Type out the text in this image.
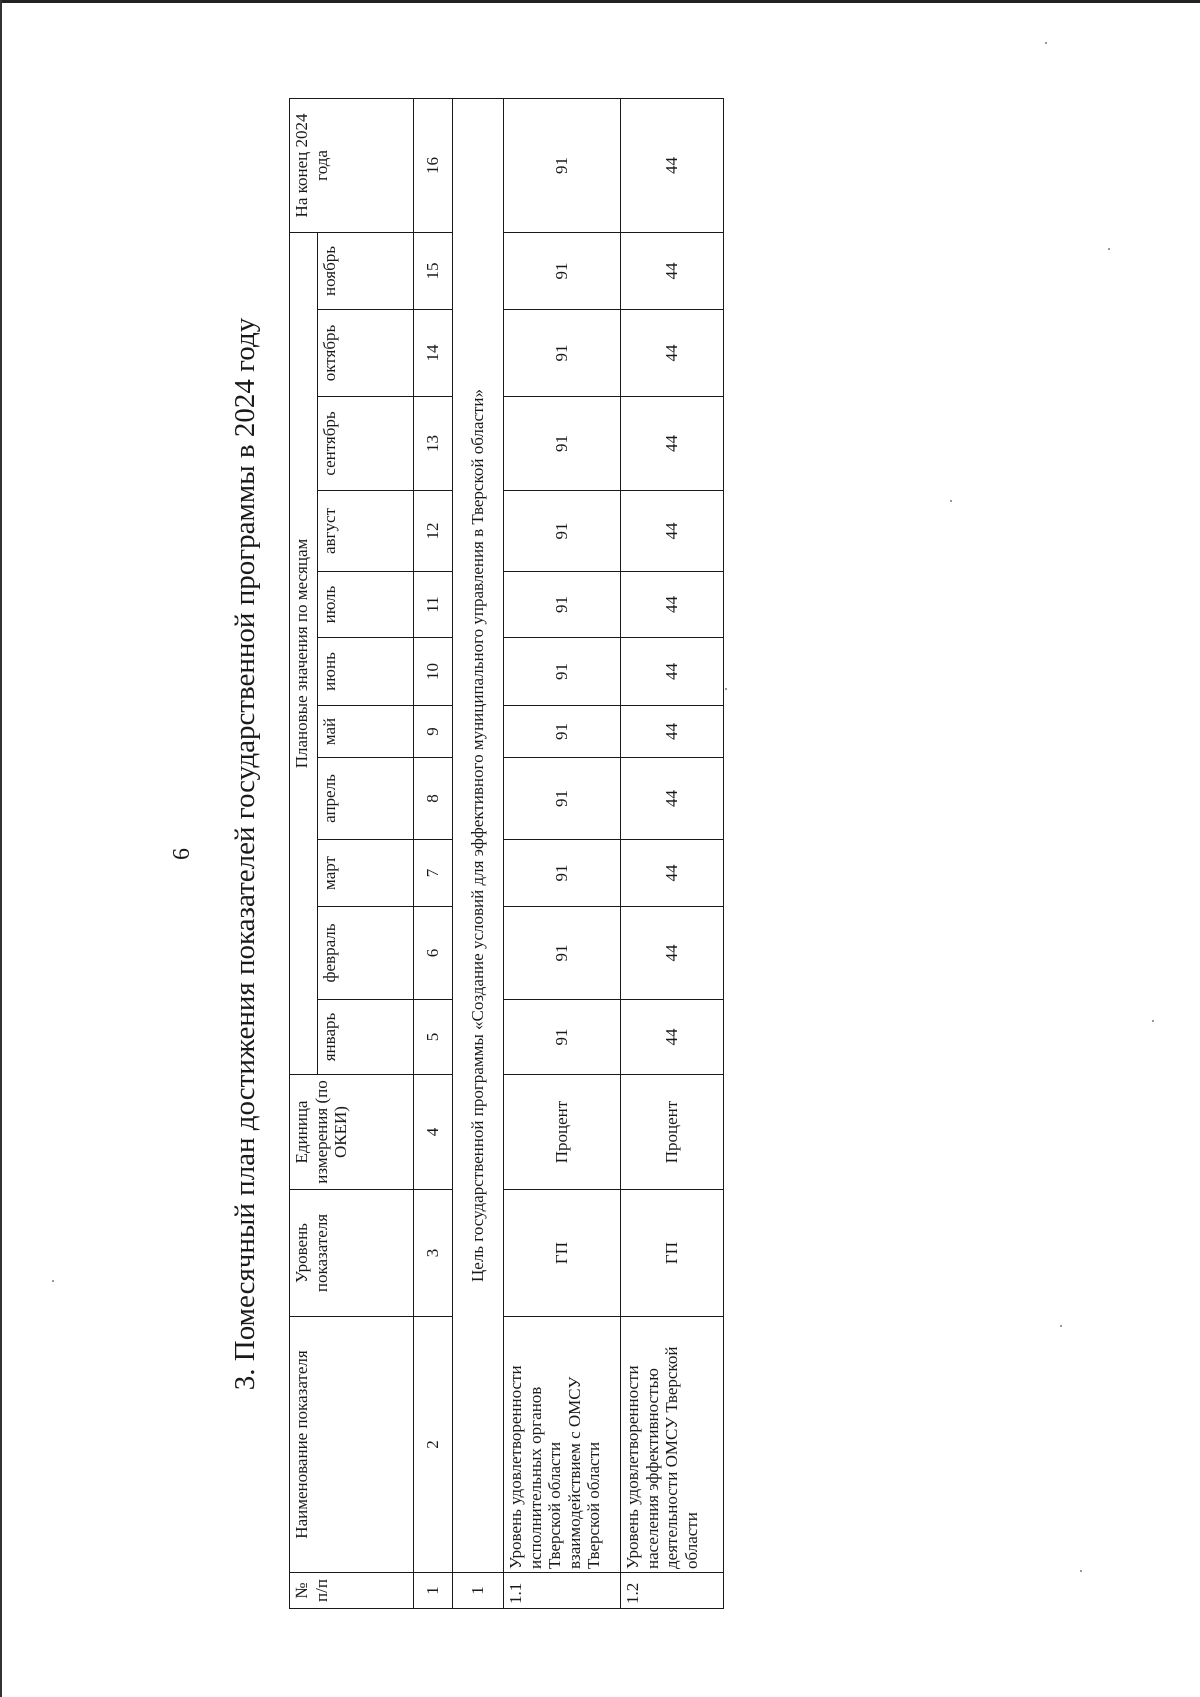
6 3. Помесячный план достижения показателей государственной программы в 2024 году
№ п/п	Наименование показателя	Уровень показателя	Единица измерения (по ОКЕИ)	Плановые значения по месяцам											На конец 2024 года
				январь	февраль	март	апрель	май	июнь	июль	август	сентябрь	октябрь	ноябрь	
1	2	3	4	5	6	7	8	9	10	11	12	13	14	15	16
1	Цель государственной программы «Создание условий для эффективного муниципального управления в Тверской области»														
1.1	Уровень удовлетворенности исполнительных органов Тверской области взаимодействием с ОМСУ Тверской области	ГП	Процент	91	91	91	91	91	91	91	91	91	91	91	91
1.2	Уровень удовлетворенности населения эффективностью деятельности ОМСУ Тверской области	ГП	Процент	44	44	44	44	44	44	44	44	44	44	44	44
